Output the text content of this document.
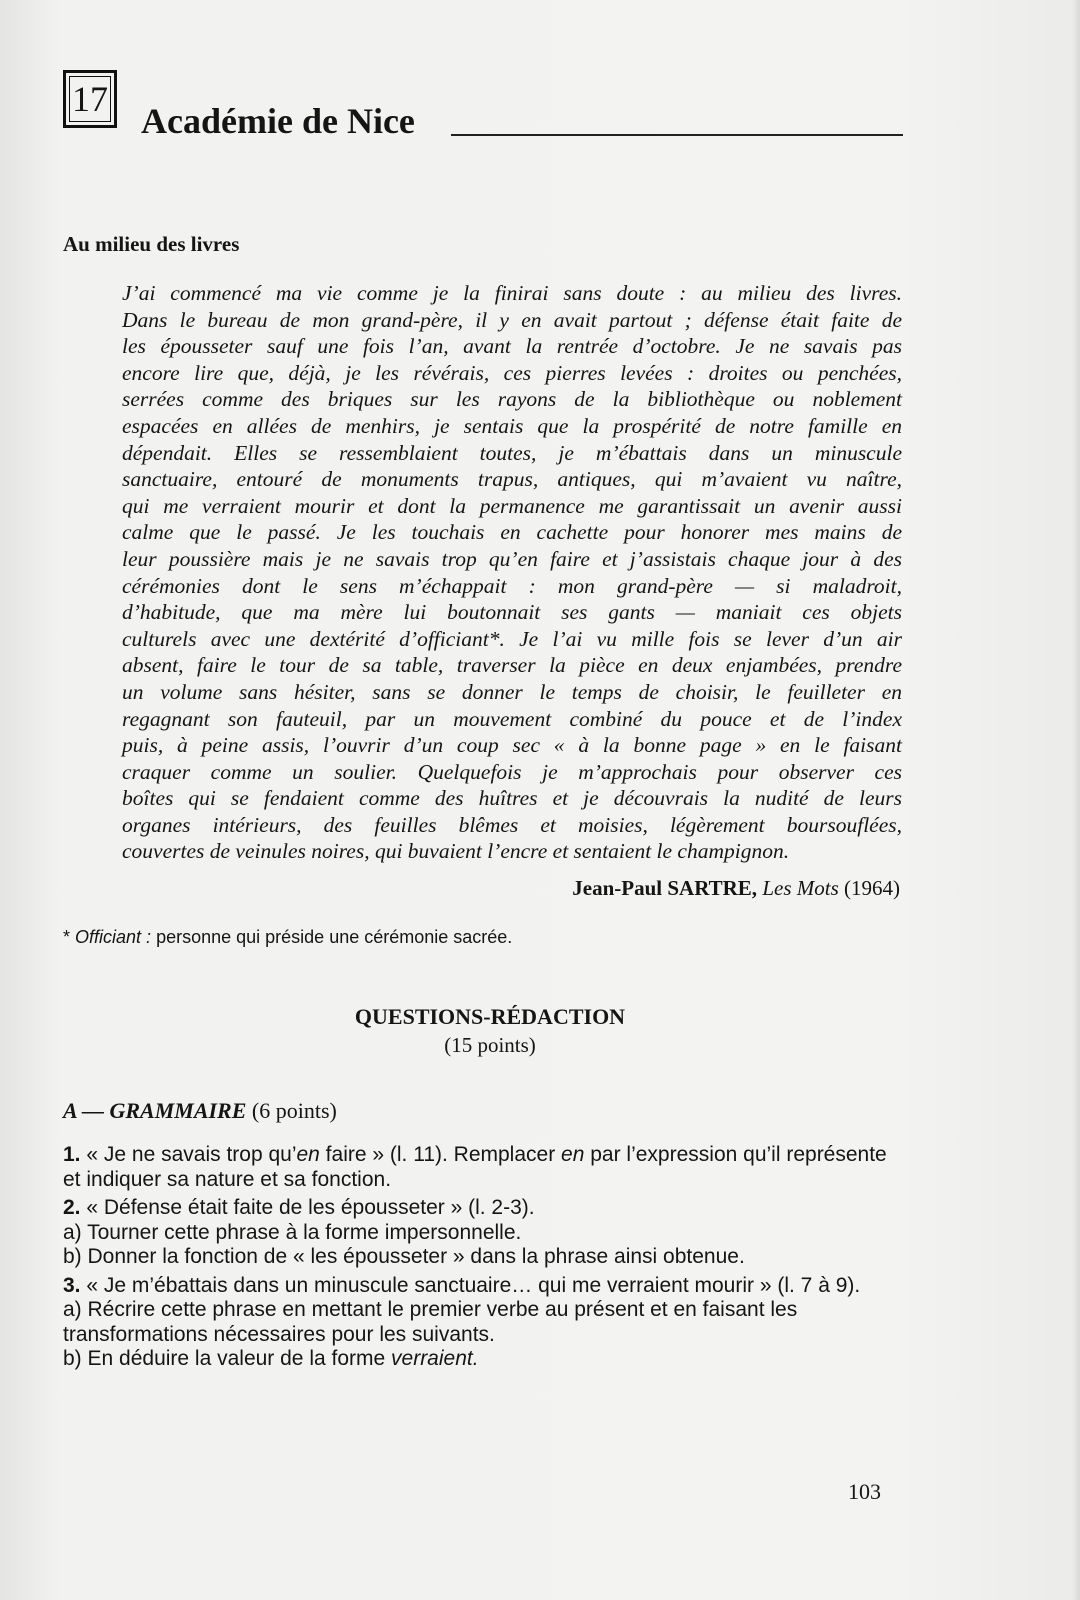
17
Académie de Nice
Au milieu des livres
J’ai commencé ma vie comme je la finirai sans doute : au milieu des livres.
Dans le bureau de mon grand-père, il y en avait partout ; défense était faite de
les épousseter sauf une fois l’an, avant la rentrée d’octobre. Je ne savais pas
encore lire que, déjà, je les révérais, ces pierres levées : droites ou penchées,
serrées comme des briques sur les rayons de la bibliothèque ou noblement
espacées en allées de menhirs, je sentais que la prospérité de notre famille en
dépendait. Elles se ressemblaient toutes, je m’ébattais dans un minuscule
sanctuaire, entouré de monuments trapus, antiques, qui m’avaient vu naître,
qui me verraient mourir et dont la permanence me garantissait un avenir aussi
calme que le passé. Je les touchais en cachette pour honorer mes mains de
leur poussière mais je ne savais trop qu’en faire et j’assistais chaque jour à des
cérémonies dont le sens m’échappait : mon grand-père — si maladroit,
d’habitude, que ma mère lui boutonnait ses gants — maniait ces objets
culturels avec une dextérité d’officiant*. Je l’ai vu mille fois se lever d’un air
absent, faire le tour de sa table, traverser la pièce en deux enjambées, prendre
un volume sans hésiter, sans se donner le temps de choisir, le feuilleter en
regagnant son fauteuil, par un mouvement combiné du pouce et de l’index
puis, à peine assis, l’ouvrir d’un coup sec « à la bonne page » en le faisant
craquer comme un soulier. Quelquefois je m’approchais pour observer ces
boîtes qui se fendaient comme des huîtres et je découvrais la nudité de leurs
organes intérieurs, des feuilles blêmes et moisies, légèrement boursouflées,
couvertes de veinules noires, qui buvaient l’encre et sentaient le champignon.
Jean-Paul SARTRE, Les Mots (1964)
* Officiant : personne qui préside une cérémonie sacrée.
QUESTIONS-RÉDACTION
(15 points)
A — GRAMMAIRE (6 points)

1. « Je ne savais trop qu’en faire » (l. 11). Remplacer en par l’expression qu’il représente et indiquer sa nature et sa fonction.

2. « Défense était faite de les épousseter » (l. 2-3).

a) Tourner cette phrase à la forme impersonnelle.

b) Donner la fonction de « les épousseter » dans la phrase ainsi obtenue.

3. « Je m’ébattais dans un minuscule sanctuaire… qui me verraient mourir » (l. 7 à 9).

a) Récrire cette phrase en mettant le premier verbe au présent et en faisant les transformations nécessaires pour les suivants.

b) En déduire la valeur de la forme verraient.

103
